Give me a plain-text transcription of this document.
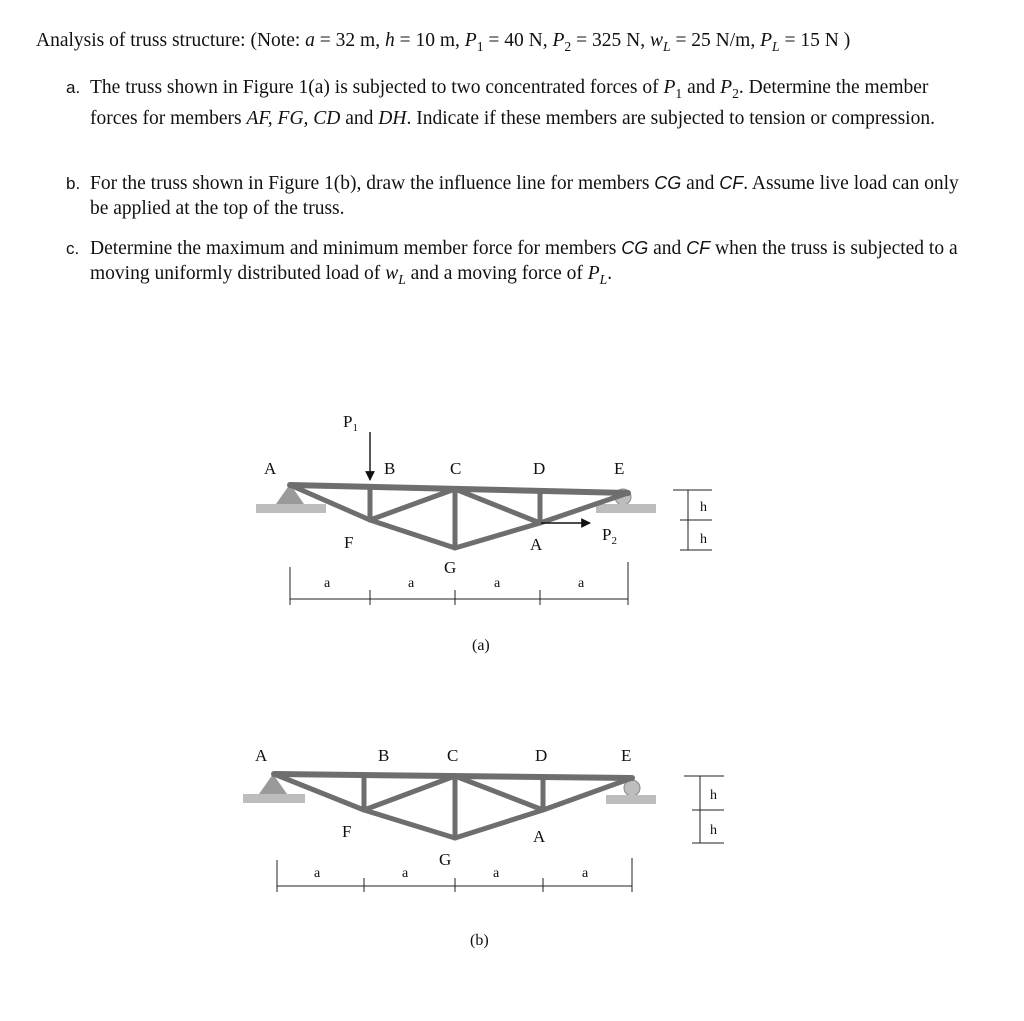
Analysis of truss structure: (Note: a = 32 m, h = 10 m, $P_1 = 40$ N, $P_2 = 325$ N, $w_L = 25$ N/m, $P_L = 15$ N )
a. The truss shown in Figure 1(a) is subjected to two concentrated forces of $P_1$ and $P_2$. Determine the member forces for members AF, FG, CD and DH. Indicate if these members are subjected to tension or compression.
b. For the truss shown in Figure 1(b), draw the influence line for members CG and CF. Assume live load can only be applied at the top of the truss.
c. Determine the maximum and minimum member force for members CG and CF when the truss is subjected to a moving uniformly distributed load of $w_L$ and a moving force of $P_L$.
$P_1$
$P_2$
A	B	C	D	E
F
G
A
a	a	a	a
h
h
(a)
A	B	C	D	E
F
G
A
a	a	a	a
h
h
(b)
